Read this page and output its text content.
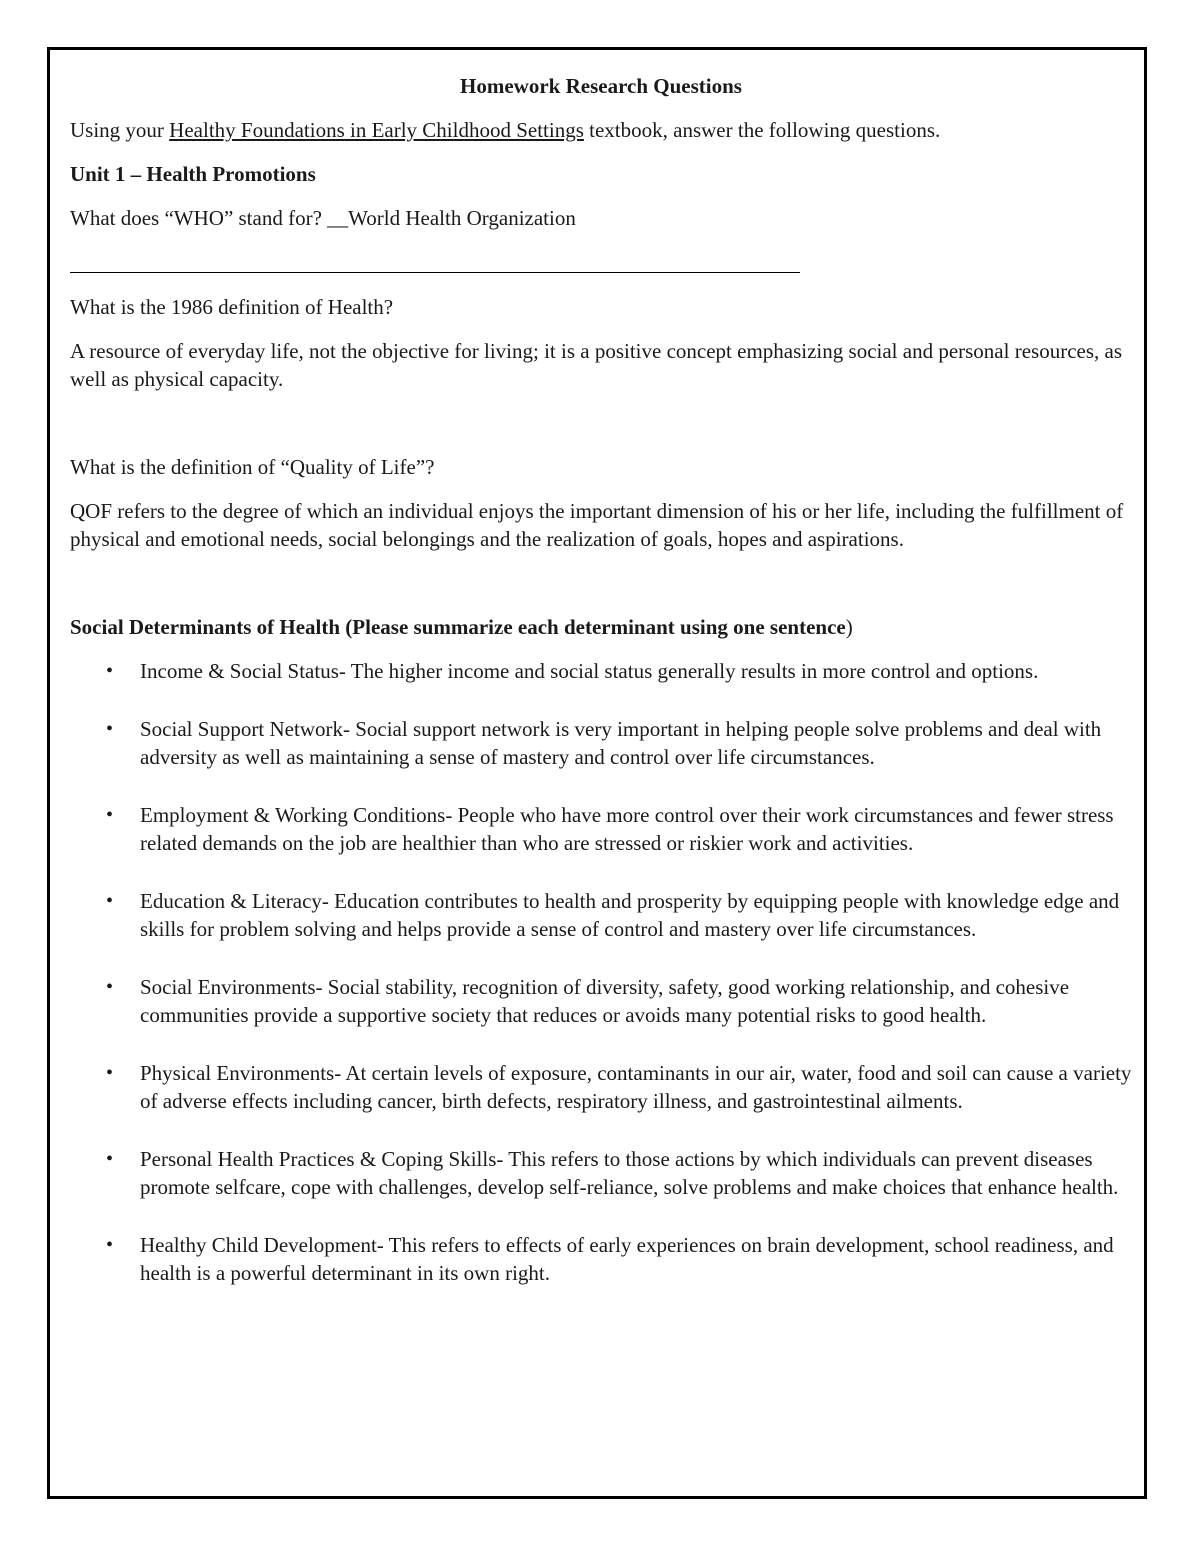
Homework Research Questions

Using your Healthy Foundations in Early Childhood Settings textbook, answer the following questions.

Unit 1 – Health Promotions

What does “WHO” stand for? __World Health Organization

What is the 1986 definition of Health?

A resource of everyday life, not the objective for living; it is a positive concept emphasizing social and personal resources, as well as physical capacity.

What is the definition of “Quality of Life”?

QOF refers to the degree of which an individual enjoys the important dimension of his or her life, including the fulfillment of physical and emotional needs, social belongings and the realization of goals, hopes and aspirations.

Social Determinants of Health (Please summarize each determinant using one sentence)

• Income & Social Status- The higher income and social status generally results in more control and options.
• Social Support Network- Social support network is very important in helping people solve problems and deal with adversity as well as maintaining a sense of mastery and control over life circumstances.
• Employment & Working Conditions- People who have more control over their work circumstances and fewer stress related demands on the job are healthier than who are stressed or riskier work and activities.
• Education & Literacy- Education contributes to health and prosperity by equipping people with knowledge edge and skills for problem solving and helps provide a sense of control and mastery over life circumstances.
• Social Environments- Social stability, recognition of diversity, safety, good working relationship, and cohesive communities provide a supportive society that reduces or avoids many potential risks to good health.
• Physical Environments- At certain levels of exposure, contaminants in our air, water, food and soil can cause a variety of adverse effects including cancer, birth defects, respiratory illness, and gastrointestinal ailments.
• Personal Health Practices & Coping Skills- This refers to those actions by which individuals can prevent diseases promote selfcare, cope with challenges, develop self-reliance, solve problems and make choices that enhance health.
• Healthy Child Development- This refers to effects of early experiences on brain development, school readiness, and health is a powerful determinant in its own right.
